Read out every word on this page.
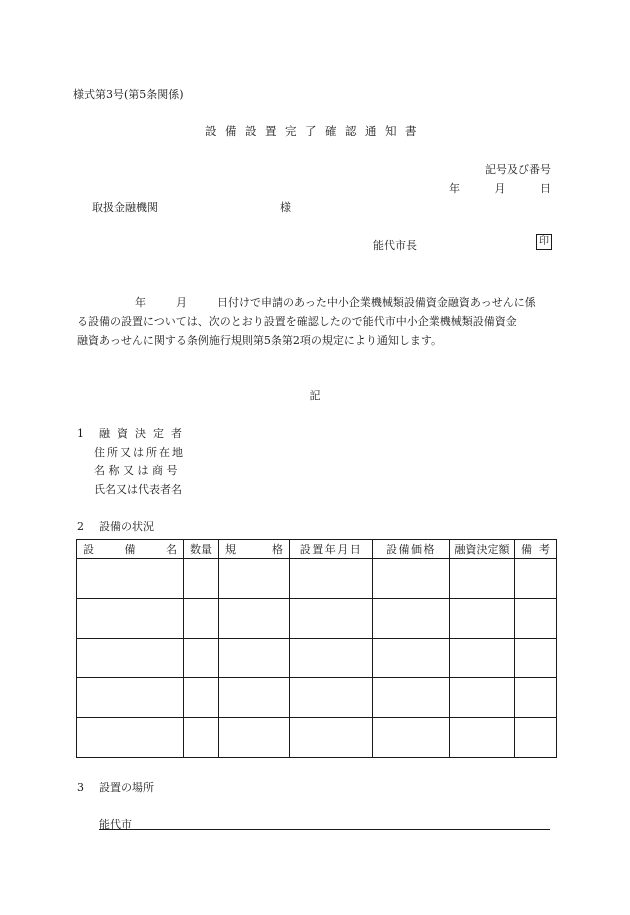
様式第3号(第5条関係)
設備設置完了確認通知書
記号及び番号
年	月	日
取扱金融機関	様
能代市長	印
年	月	日付けで申請のあった中小企業機械類設備資金融資あっせんに係
る設備の設置については、次のとおり設置を確認したので能代市中小企業機械類設備資金
融資あっせんに関する条例施行規則第5条第2項の規定により通知します。
記
1 融資決定者
住所又は所在地
名称又は商号
氏名又は代表者名
2 設備の状況
設 備 名	数量	規 格	設置年月日	設備価格	融資決定額	備 考

3 設置の場所
能代市
